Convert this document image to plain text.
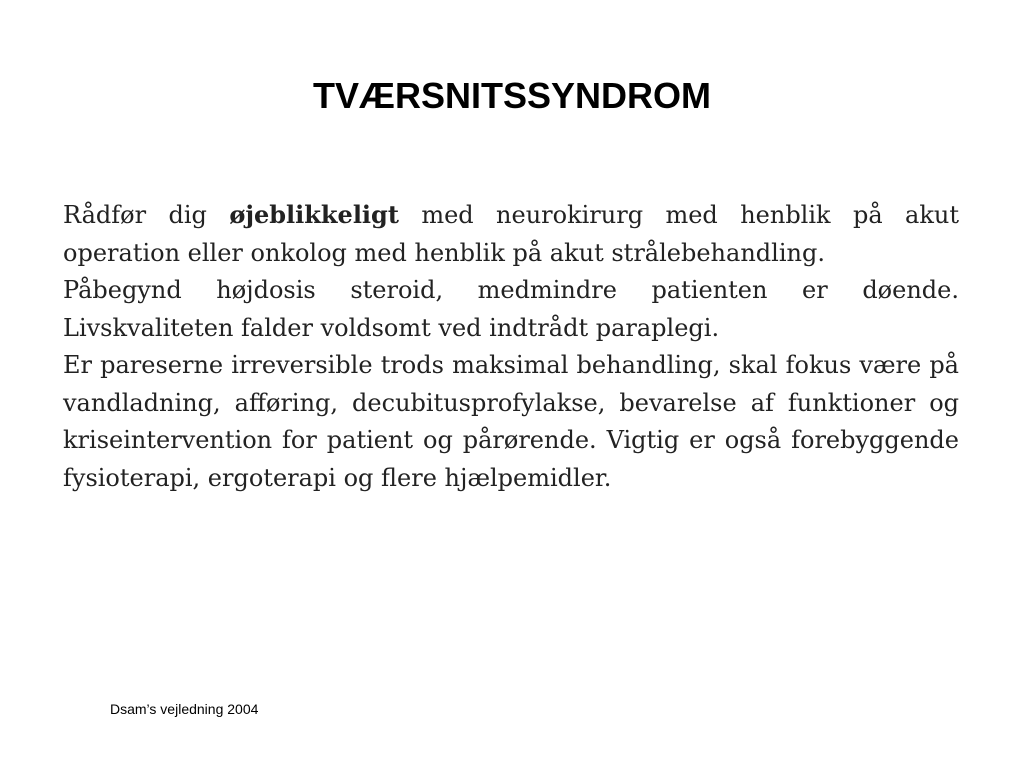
TVÆRSNITSSYNDROM

Rådfør dig øjeblikkeligt med neurokirurg med henblik på akut operation eller onkolog med henblik på akut strålebehandling.

Påbegynd højdosis steroid, medmindre patienten er døende. Livskvaliteten falder voldsomt ved indtrådt paraplegi.

Er pareserne irreversible trods maksimal behandling, skal fokus være på vandladning, afføring, decubitusprofylakse, bevarelse af funktioner og kriseintervention for patient og pårørende. Vigtig er også forebyggende fysioterapi, ergoterapi og flere hjælpemidler.

Dsam’s vejledning 2004
